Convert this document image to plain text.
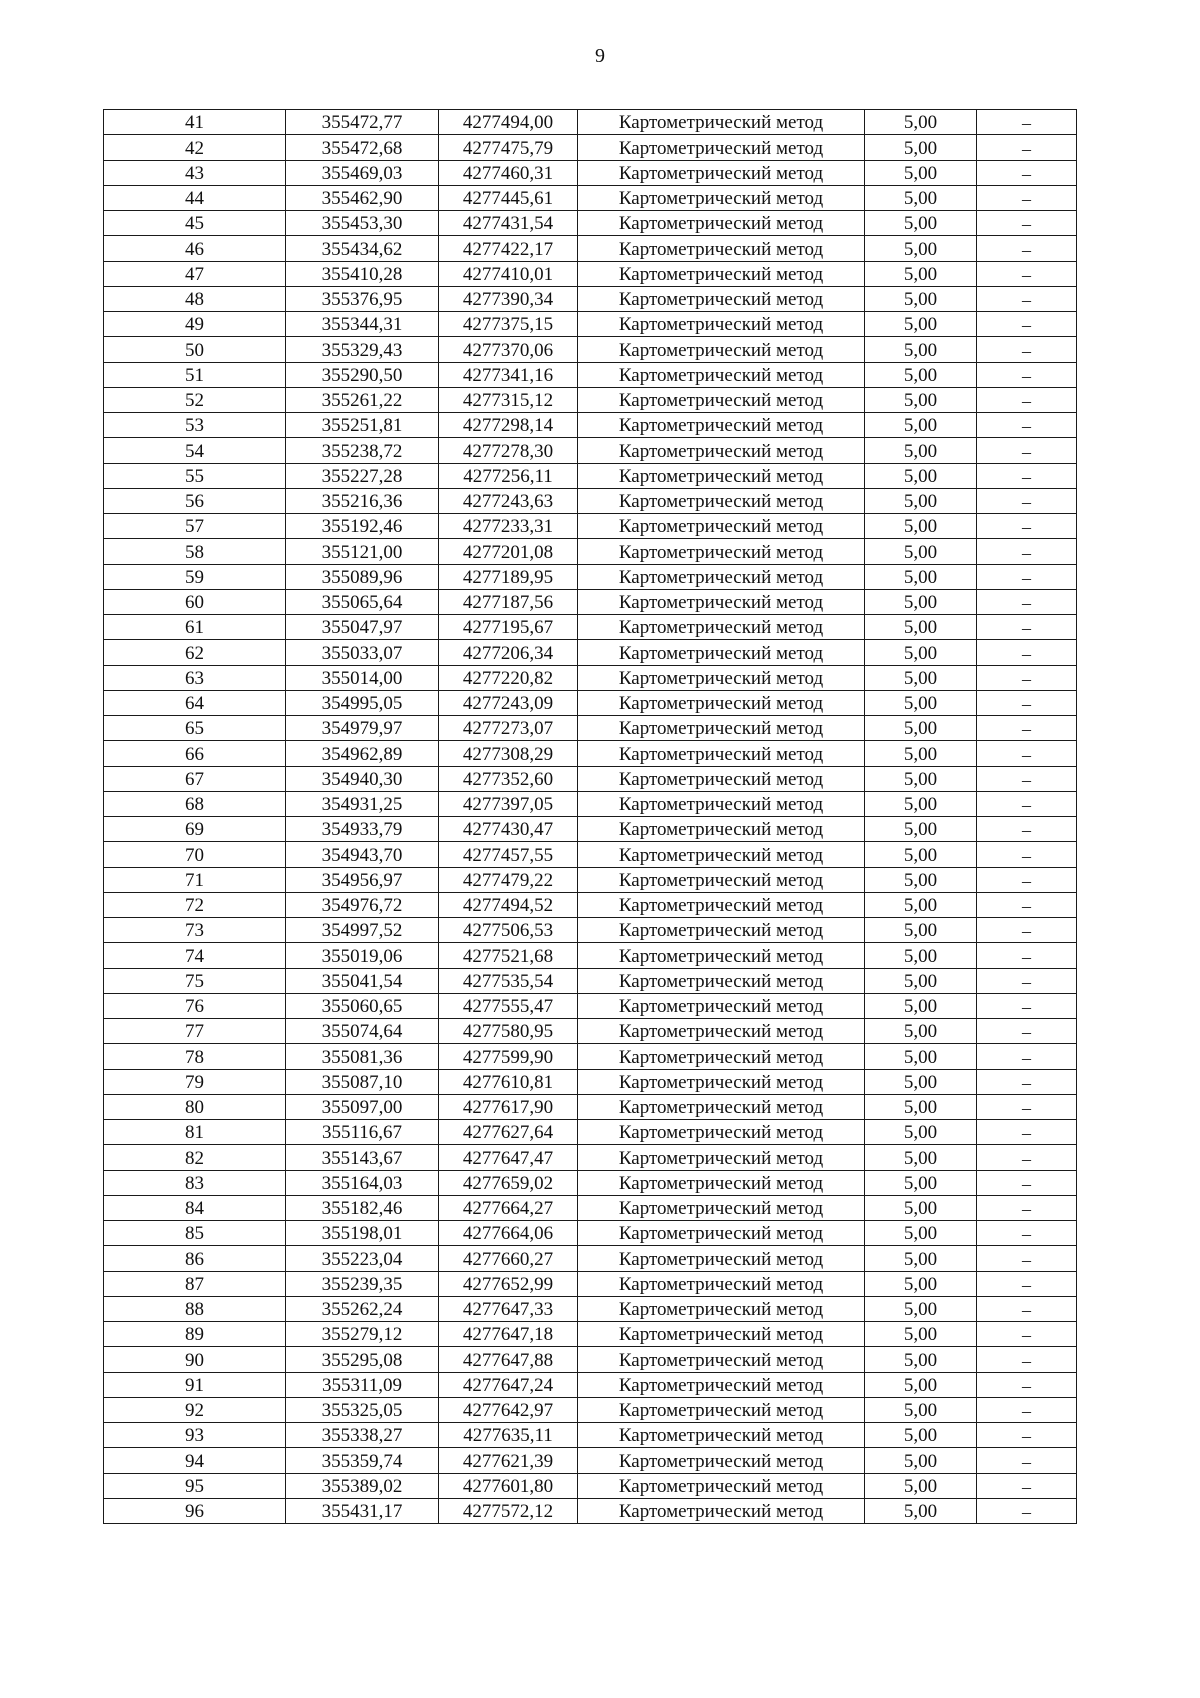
9
41	355472,77	4277494,00	Картометрический метод	5,00	–
42	355472,68	4277475,79	Картометрический метод	5,00	–
43	355469,03	4277460,31	Картометрический метод	5,00	–
44	355462,90	4277445,61	Картометрический метод	5,00	–
45	355453,30	4277431,54	Картометрический метод	5,00	–
46	355434,62	4277422,17	Картометрический метод	5,00	–
47	355410,28	4277410,01	Картометрический метод	5,00	–
48	355376,95	4277390,34	Картометрический метод	5,00	–
49	355344,31	4277375,15	Картометрический метод	5,00	–
50	355329,43	4277370,06	Картометрический метод	5,00	–
51	355290,50	4277341,16	Картометрический метод	5,00	–
52	355261,22	4277315,12	Картометрический метод	5,00	–
53	355251,81	4277298,14	Картометрический метод	5,00	–
54	355238,72	4277278,30	Картометрический метод	5,00	–
55	355227,28	4277256,11	Картометрический метод	5,00	–
56	355216,36	4277243,63	Картометрический метод	5,00	–
57	355192,46	4277233,31	Картометрический метод	5,00	–
58	355121,00	4277201,08	Картометрический метод	5,00	–
59	355089,96	4277189,95	Картометрический метод	5,00	–
60	355065,64	4277187,56	Картометрический метод	5,00	–
61	355047,97	4277195,67	Картометрический метод	5,00	–
62	355033,07	4277206,34	Картометрический метод	5,00	–
63	355014,00	4277220,82	Картометрический метод	5,00	–
64	354995,05	4277243,09	Картометрический метод	5,00	–
65	354979,97	4277273,07	Картометрический метод	5,00	–
66	354962,89	4277308,29	Картометрический метод	5,00	–
67	354940,30	4277352,60	Картометрический метод	5,00	–
68	354931,25	4277397,05	Картометрический метод	5,00	–
69	354933,79	4277430,47	Картометрический метод	5,00	–
70	354943,70	4277457,55	Картометрический метод	5,00	–
71	354956,97	4277479,22	Картометрический метод	5,00	–
72	354976,72	4277494,52	Картометрический метод	5,00	–
73	354997,52	4277506,53	Картометрический метод	5,00	–
74	355019,06	4277521,68	Картометрический метод	5,00	–
75	355041,54	4277535,54	Картометрический метод	5,00	–
76	355060,65	4277555,47	Картометрический метод	5,00	–
77	355074,64	4277580,95	Картометрический метод	5,00	–
78	355081,36	4277599,90	Картометрический метод	5,00	–
79	355087,10	4277610,81	Картометрический метод	5,00	–
80	355097,00	4277617,90	Картометрический метод	5,00	–
81	355116,67	4277627,64	Картометрический метод	5,00	–
82	355143,67	4277647,47	Картометрический метод	5,00	–
83	355164,03	4277659,02	Картометрический метод	5,00	–
84	355182,46	4277664,27	Картометрический метод	5,00	–
85	355198,01	4277664,06	Картометрический метод	5,00	–
86	355223,04	4277660,27	Картометрический метод	5,00	–
87	355239,35	4277652,99	Картометрический метод	5,00	–
88	355262,24	4277647,33	Картометрический метод	5,00	–
89	355279,12	4277647,18	Картометрический метод	5,00	–
90	355295,08	4277647,88	Картометрический метод	5,00	–
91	355311,09	4277647,24	Картометрический метод	5,00	–
92	355325,05	4277642,97	Картометрический метод	5,00	–
93	355338,27	4277635,11	Картометрический метод	5,00	–
94	355359,74	4277621,39	Картометрический метод	5,00	–
95	355389,02	4277601,80	Картометрический метод	5,00	–
96	355431,17	4277572,12	Картометрический метод	5,00	–
